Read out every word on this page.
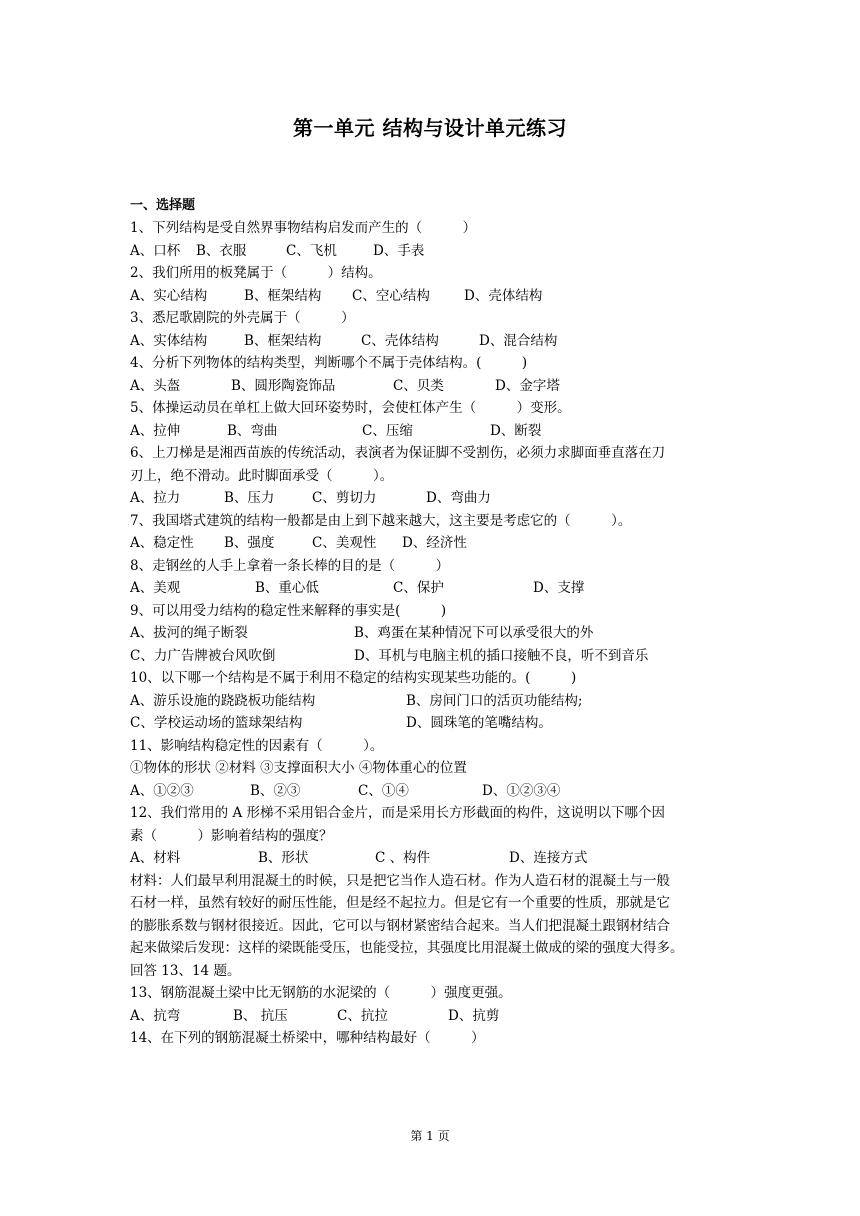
第一单元 结构与设计单元练习
一、选择题
1、下列结构是受自然界事物结构启发而产生的（　　　）
A、口杯 B、衣服	C、飞机	D、手表
2、我们所用的板凳属于（　　　）结构。
A、实心结构	B、框架结构 C、空心结构	D、壳体结构
3、悉尼歌剧院的外壳属于（　　　）
A、实体结构	B、框架结构	C、壳体结构	D、混合结构
4、分析下列物体的结构类型，判断哪个不属于壳体结构。(　　　)
A、头盔	B、圆形陶瓷饰品	C、贝类	D、金字塔
5、体操运动员在单杠上做大回环姿势时，会使杠体产生（　　　）变形。
A、拉伸	B、弯曲	C、压缩	D、断裂
6、上刀梯是是湘西苗族的传统活动，表演者为保证脚不受割伤，必须力求脚面垂直落在刀
刃上，绝不滑动。此时脚面承受（　　　）。
A、拉力	B、压力	C、剪切力	D、弯曲力
7、我国塔式建筑的结构一般都是由上到下越来越大，这主要是考虑它的（　　　）。
A、稳定性 B、强度	C、美观性 D、经济性
8、走钢丝的人手上拿着一条长棒的目的是（　　　）
A、美观	B、重心低	C、保护	D、支撑
9、可以用受力结构的稳定性来解释的事实是(　　　)
A、拔河的绳子断裂	B、鸡蛋在某种情况下可以承受很大的外
C、力广告牌被台风吹倒	D、耳机与电脑主机的插口接触不良，听不到音乐
10、以下哪一个结构是不属于利用不稳定的结构实现某些功能的。(　　　)
A、游乐设施的跷跷板功能结构	B、房间门口的活页功能结构;
C、学校运动场的篮球架结构	D、圆珠笔的笔嘴结构。
11、影响结构稳定性的因素有（　　　）。
①物体的形状 ②材料 ③支撑面积大小 ④物体重心的位置
A、①②③	B、②③	C、①④	D、①②③④
12、我们常用的 A 形梯不采用铝合金片，而是采用长方形截面的构件，这说明以下哪个因
素（　　　）影响着结构的强度？
A、材料	B、形状	C 、构件	D、连接方式
材料：人们最早利用混凝土的时候，只是把它当作人造石材。作为人造石材的混凝土与一般
石材一样，虽然有较好的耐压性能，但是经不起拉力。但是它有一个重要的性质，那就是它
的膨胀系数与钢材很接近。因此，它可以与钢材紧密结合起来。当人们把混凝土跟钢材结合
起来做梁后发现：这样的梁既能受压，也能受拉，其强度比用混凝土做成的梁的强度大得多。
回答 13、14 题。
13、钢筋混凝土梁中比无钢筋的水泥梁的（　　　）强度更强。
A、抗弯	B、 抗压	C、抗拉	D、抗剪
14、在下列的钢筋混凝土桥梁中，哪种结构最好（　　　）
第 1 页
